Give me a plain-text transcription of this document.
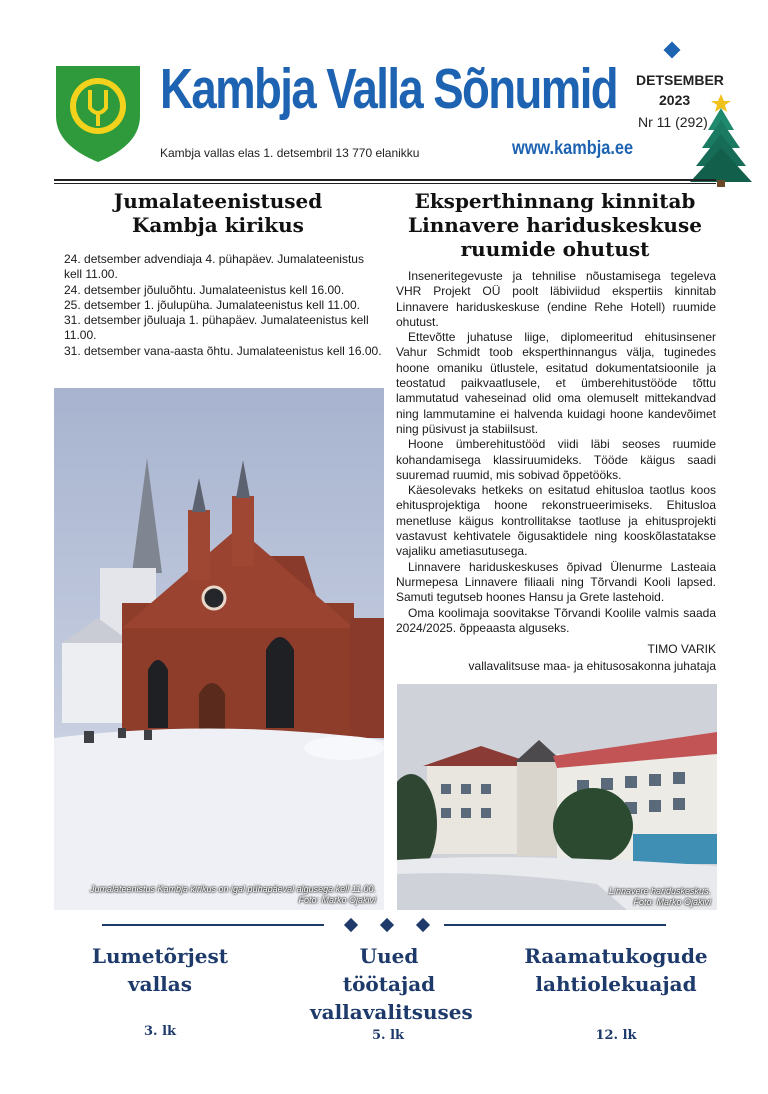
Kambja Valla Sõnumid
Kambja vallas elas 1. detsembril 13 770 elanikku	www.kambja.ee
DETSEMBER
2023
Nr 11 (292)
Jumalateenistused
Kambja kirikus
24. detsember advendiaja 4. pühapäev. Jumalateenistus kell 11.00.
24. detsember jõuluõhtu. Jumalateenistus kell 16.00.
25. detsember 1. jõulupüha. Jumalateenistus kell 11.00.
31. detsember jõuluaja 1. pühapäev. Jumalateenistus kell 11.00.
31. detsember vana-aasta õhtu. Jumalateenistus kell 16.00.
Jumalateenistus Kambja kirikus on igal pühapäeval algusega kell 11.00.
Foto: Marko Ojakivi
Eksperthinnang kinnitab
Linnavere hariduskeskuse
ruumide ohutust

Inseneritegevuste ja tehnilise nõustamisega tegeleva VHR Projekt OÜ poolt läbiviidud ekspertiis kinnitab Linnavere hariduskeskuse (endine Rehe Hotell) ruumide ohutust.

Ettevõtte juhatuse liige, diplomeeritud ehitusinsener Vahur Schmidt toob eksperthinnangus välja, tuginedes hoone omaniku ütlustele, esitatud dokumentatsioonile ja teostatud paikvaatlusele, et ümberehitustööde tõttu lammutatud vaheseinad olid oma olemuselt mittekandvad ning lammutamine ei halvenda kuidagi hoone kandevõimet ning püsivust ja stabiilsust.

Hoone ümberehitustööd viidi läbi seoses ruumide kohandamisega klassiruumideks. Tööde käigus saadi suuremad ruumid, mis sobivad õppetööks.

Käesolevaks hetkeks on esitatud ehitusloa taotlus koos ehitusprojektiga hoone rekonstrueerimiseks. Ehitusloa menetluse käigus kontrollitakse taotluse ja ehitusprojekti vastavust kehtivatele õigusaktidele ning kooskõlastatakse vajaliku ametiasutusega.

Linnavere hariduskeskuses õpivad Ülenurme Lasteaia Nurmepesa Linnavere filiaali ning Tõrvandi Kooli lapsed. Samuti tegutseb hoones Hansu ja Grete lastehoid.

Oma koolimaja soovitakse Tõrvandi Koolile valmis saada 2024/2025. õppeaasta alguseks.

TIMO VARIK
vallavalitsuse maa- ja ehitusosakonna juhataja
Linnavere hariduskeskus.
Foto: Marko Ojakivi
Lumetõrjest
vallas
3. lk
Uued
töötajad
vallavalitsuses
5. lk
Raamatukogude
lahtiolekuajad
12. lk
